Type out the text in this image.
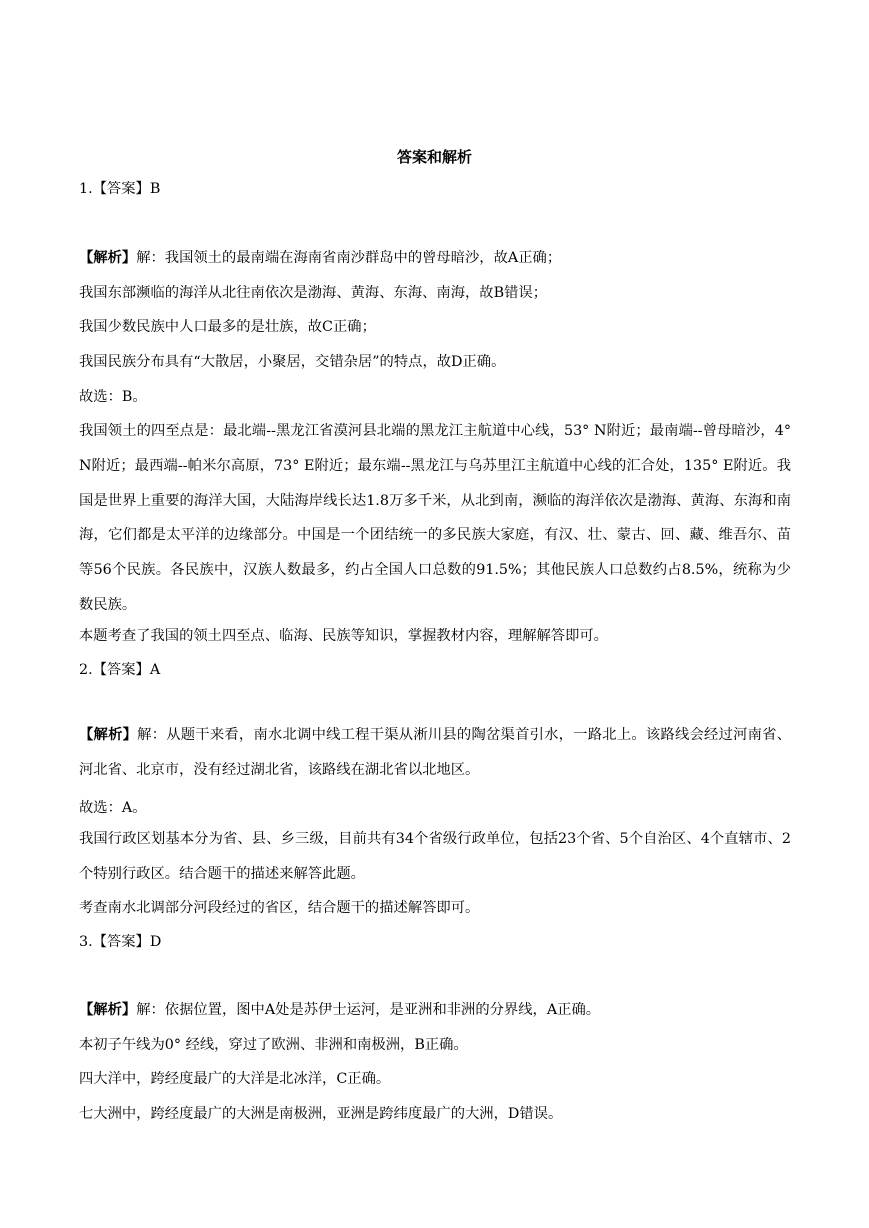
答案和解析
1.【答案】B
【解析】解：我国领土的最南端在海南省南沙群岛中的曾母暗沙，故A正确；
我国东部濒临的海洋从北往南依次是渤海、黄海、东海、南海，故B错误；
我国少数民族中人口最多的是壮族，故C正确；
我国民族分布具有“大散居，小聚居，交错杂居”的特点，故D正确。
故选：B。
我国领土的四至点是：最北端--黑龙江省漠河县北端的黑龙江主航道中心线，53° N附近；最南端--曾母暗沙，4° N附近；最西端--帕米尔高原，73° E附近；最东端--黑龙江与乌苏里江主航道中心线的汇合处，135° E附近。我国是世界上重要的海洋大国，大陆海岸线长达1.8万多千米，从北到南，濒临的海洋依次是渤海、黄海、东海和南海，它们都是太平洋的边缘部分。中国是一个团结统一的多民族大家庭，有汉、壮、蒙古、回、藏、维吾尔、苗等56个民族。各民族中，汉族人数最多，约占全国人口总数的91.5%；其他民族人口总数约占8.5%，统称为少数民族。
本题考查了我国的领土四至点、临海、民族等知识，掌握教材内容，理解解答即可。
2.【答案】A
【解析】解：从题干来看，南水北调中线工程干渠从淅川县的陶岔渠首引水，一路北上。该路线会经过河南省、河北省、北京市，没有经过湖北省，该路线在湖北省以北地区。
故选：A。
我国行政区划基本分为省、县、乡三级，目前共有34个省级行政单位，包括23个省、5个自治区、4个直辖市、2个特别行政区。结合题干的描述来解答此题。
考查南水北调部分河段经过的省区，结合题干的描述解答即可。
3.【答案】D
【解析】解：依据位置，图中A处是苏伊士运河，是亚洲和非洲的分界线，A正确。
本初子午线为0° 经线，穿过了欧洲、非洲和南极洲，B正确。
四大洋中，跨经度最广的大洋是北冰洋，C正确。
七大洲中，跨经度最广的大洲是南极洲，亚洲是跨纬度最广的大洲，D错误。
